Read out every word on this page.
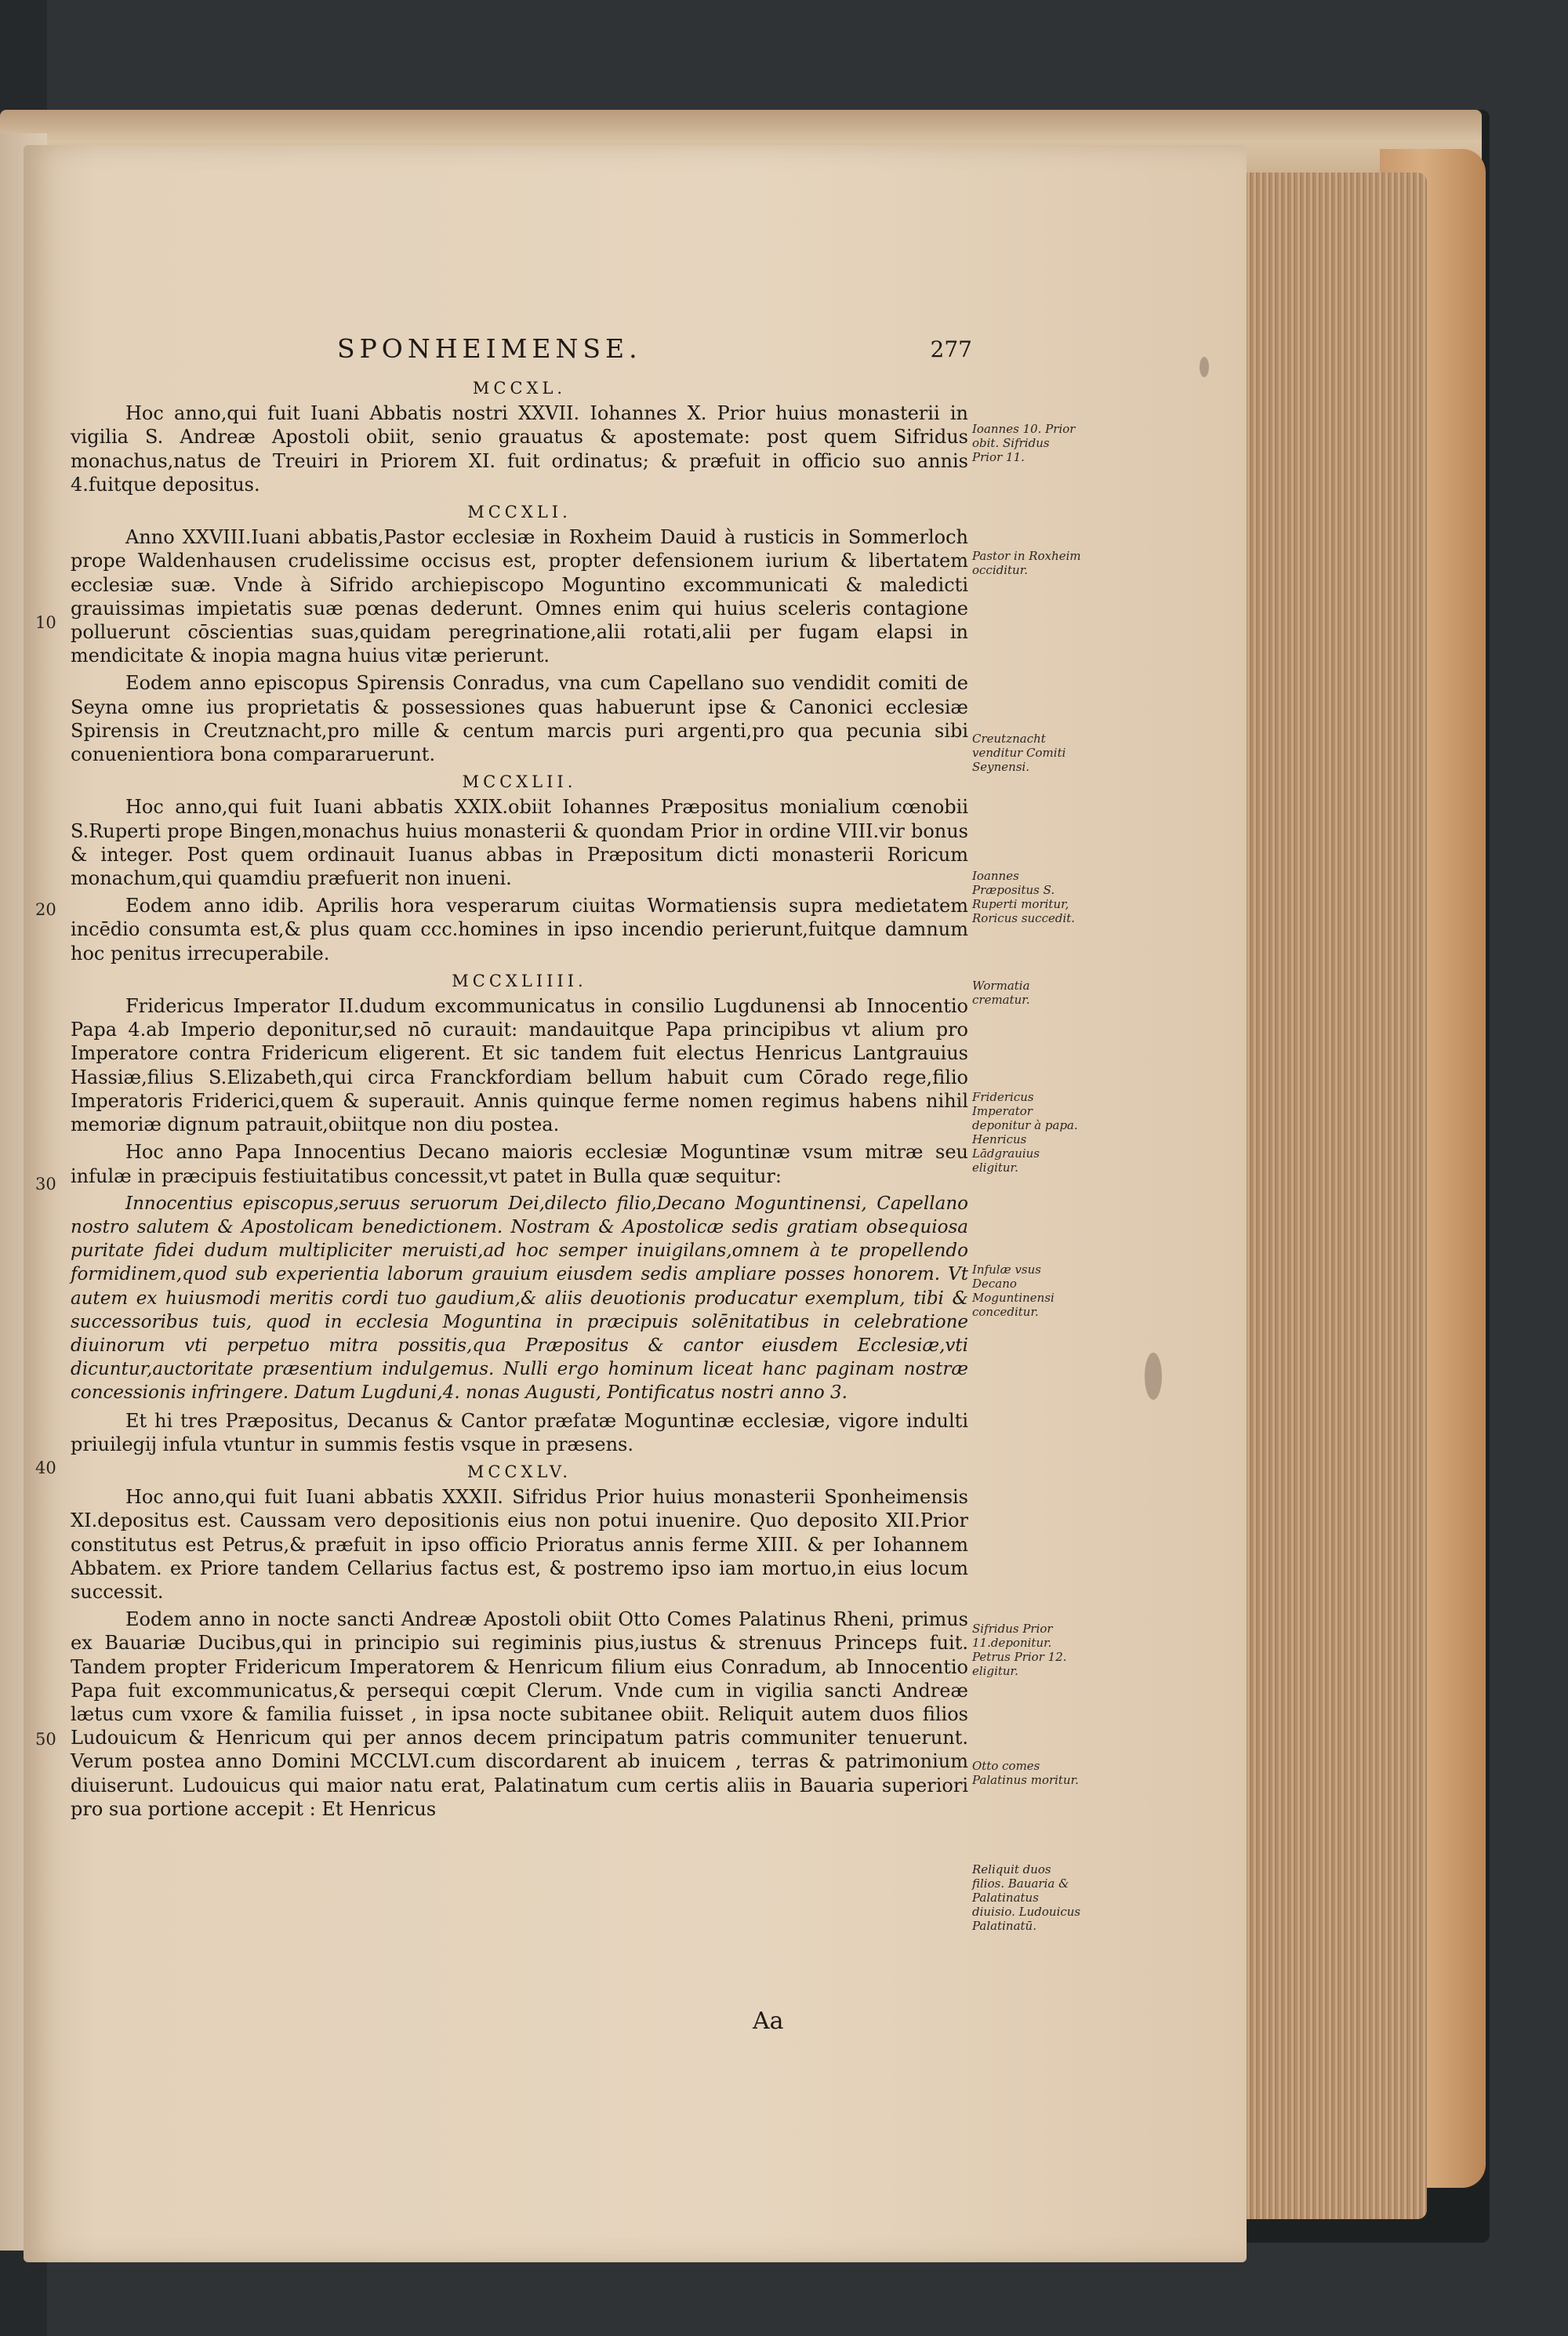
SPONHEIMENSE.	277
10
20
30
40
50
MCCXL.

Hoc anno,qui fuit Iuani Abbatis nostri XXVII. Iohannes X. Prior huius monasterii in vigilia S. Andreæ Apostoli obiit, senio grauatus & apostemate: post quem Sifridus monachus,natus de Treuiri in Priorem XI. fuit ordinatus; & præfuit in officio suo annis 4.fuitque depositus.

MCCXLI.

Anno XXVIII.Iuani abbatis,Pastor ecclesiæ in Roxheim Dauid à rusticis in Sommerloch prope Waldenhausen crudelissime occisus est, propter defensionem iurium & libertatem ecclesiæ suæ. Vnde à Sifrido archiepiscopo Moguntino excommunicati & maledicti grauissimas impietatis suæ pœnas dederunt. Omnes enim qui huius sceleris contagione polluerunt cōscientias suas,quidam peregrinatione,alii rotati,alii per fugam elapsi in mendicitate & inopia magna huius vitæ perierunt.

Eodem anno episcopus Spirensis Conradus, vna cum Capellano suo vendidit comiti de Seyna omne ius proprietatis & possessiones quas habuerunt ipse & Canonici ecclesiæ Spirensis in Creutznacht,pro mille & centum marcis puri argenti,pro qua pecunia sibi conuenientiora bona compararuerunt.

MCCXLII.

Hoc anno,qui fuit Iuani abbatis XXIX.obiit Iohannes Præpositus monialium cœnobii S.Ruperti prope Bingen,monachus huius monasterii & quondam Prior in ordine VIII.vir bonus & integer. Post quem ordinauit Iuanus abbas in Præpositum dicti monasterii Roricum monachum,qui quamdiu præfuerit non inueni.

Eodem anno idib. Aprilis hora vesperarum ciuitas Wormatiensis supra medietatem incēdio consumta est,& plus quam ccc.homines in ipso incendio perierunt,fuitque damnum hoc penitus irrecuperabile.

MCCXLIIII.

Fridericus Imperator II.dudum excommunicatus in consilio Lugdunensi ab Innocentio Papa 4.ab Imperio deponitur,sed nō curauit: mandauitque Papa principibus vt alium pro Imperatore contra Fridericum eligerent. Et sic tandem fuit electus Henricus Lantgrauius Hassiæ,filius S.Elizabeth,qui circa Franckfordiam bellum habuit cum Cōrado rege,filio Imperatoris Friderici,quem & superauit. Annis quinque ferme nomen regimus habens nihil memoriæ dignum patrauit,obiitque non diu postea.

Hoc anno Papa Innocentius Decano maioris ecclesiæ Moguntinæ vsum mitræ seu infulæ in præcipuis festiuitatibus concessit,vt patet in Bulla quæ sequitur:

Innocentius episcopus,seruus seruorum Dei,dilecto filio,Decano Moguntinensi, Capellano nostro salutem & Apostolicam benedictionem. Nostram & Apostolicæ sedis gratiam obsequiosa puritate fidei dudum multipliciter meruisti,ad hoc semper inuigilans,omnem à te propellendo formidinem,quod sub experientia laborum grauium eiusdem sedis ampliare posses honorem. Vt autem ex huiusmodi meritis cordi tuo gaudium,& aliis deuotionis producatur exemplum, tibi & successoribus tuis, quod in ecclesia Moguntina in præcipuis solēnitatibus in celebratione diuinorum vti perpetuo mitra possitis,qua Præpositus & cantor eiusdem Ecclesiæ,vti dicuntur,auctoritate præsentium indulgemus. Nulli ergo hominum liceat hanc paginam nostræ concessionis infringere. Datum Lugduni,4. nonas Augusti, Pontificatus nostri anno 3.

Et hi tres Præpositus, Decanus & Cantor præfatæ Moguntinæ ecclesiæ, vigore indulti priuilegij infula vtuntur in summis festis vsque in præsens.

MCCXLV.

Hoc anno,qui fuit Iuani abbatis XXXII. Sifridus Prior huius monasterii Sponheimensis XI.depositus est. Caussam vero depositionis eius non potui inuenire. Quo deposito XII.Prior constitutus est Petrus,& præfuit in ipso officio Prioratus annis ferme XIII. & per Iohannem Abbatem. ex Priore tandem Cellarius factus est, & postremo ipso iam mortuo,in eius locum successit.

Eodem anno in nocte sancti Andreæ Apostoli obiit Otto Comes Palatinus Rheni, primus ex Bauariæ Ducibus,qui in principio sui regiminis pius,iustus & strenuus Princeps fuit. Tandem propter Fridericum Imperatorem & Henricum filium eius Conradum, ab Innocentio Papa fuit excommunicatus,& persequi cœpit Clerum. Vnde cum in vigilia sancti Andreæ lætus cum vxore & familia fuisset , in ipsa nocte subitanee obiit. Reliquit autem duos filios Ludouicum & Henricum qui per annos decem principatum patris communiter tenuerunt. Verum postea anno Domini MCCLVI.cum discordarent ab inuicem , terras & patrimonium diuiserunt. Ludouicus qui maior natu erat, Palatinatum cum certis aliis in Bauaria superiori pro sua portione accepit : Et Henricus

Ioannes 10. Prior obit. Sifridus Prior 11.
Pastor in Roxheim occiditur.
Creutznacht venditur Comiti Seynensi.
Ioannes Præpositus S. Ruperti moritur, Roricus succedit.
Wormatia crematur.
Fridericus Imperator deponitur à papa. Henricus Lādgrauius eligitur.
Infulæ vsus Decano Moguntinensi conceditur.
Sifridus Prior 11.deponitur. Petrus Prior 12. eligitur.
Otto comes Palatinus moritur.
Reliquit duos filios. Bauaria & Palatinatus diuisio. Ludouicus Palatinatū.
Aa
